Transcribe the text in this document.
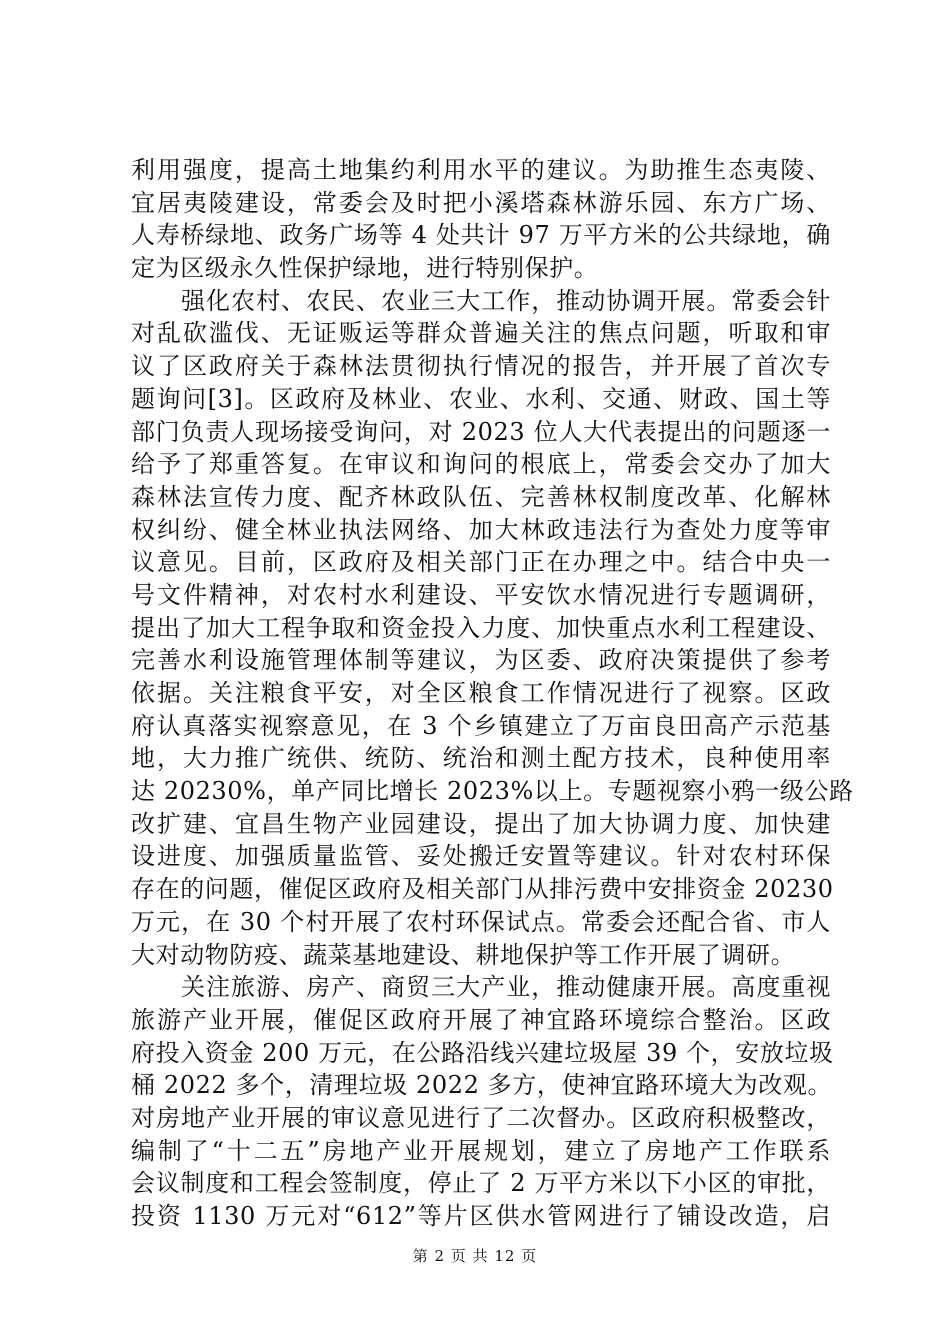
利用强度，提高土地集约利用水平的建议。为助推生态夷陵、
宜居夷陵建设，常委会及时把小溪塔森林游乐园、东方广场、
人寿桥绿地、政务广场等 4 处共计 97 万平方米的公共绿地，确
定为区级永久性保护绿地，进行特别保护。
　　强化农村、农民、农业三大工作，推动协调开展。常委会针
对乱砍滥伐、无证贩运等群众普遍关注的焦点问题，听取和审
议了区政府关于森林法贯彻执行情况的报告，并开展了首次专
题询问[3]。区政府及林业、农业、水利、交通、财政、国土等
部门负责人现场接受询问，对 2023 位人大代表提出的问题逐一
给予了郑重答复。在审议和询问的根底上，常委会交办了加大
森林法宣传力度、配齐林政队伍、完善林权制度改革、化解林
权纠纷、健全林业执法网络、加大林政违法行为查处力度等审
议意见。目前，区政府及相关部门正在办理之中。结合中央一
号文件精神，对农村水利建设、平安饮水情况进行专题调研，
提出了加大工程争取和资金投入力度、加快重点水利工程建设、
完善水利设施管理体制等建议，为区委、政府决策提供了参考
依据。关注粮食平安，对全区粮食工作情况进行了视察。区政
府认真落实视察意见，在 3 个乡镇建立了万亩良田高产示范基
地，大力推广统供、统防、统治和测土配方技术，良种使用率
达 20230%，单产同比增长 2023%以上。专题视察小鸦一级公路
改扩建、宜昌生物产业园建设，提出了加大协调力度、加快建
设进度、加强质量监管、妥处搬迁安置等建议。针对农村环保
存在的问题，催促区政府及相关部门从排污费中安排资金 20230
万元，在 30 个村开展了农村环保试点。常委会还配合省、市人
大对动物防疫、蔬菜基地建设、耕地保护等工作开展了调研。
　　关注旅游、房产、商贸三大产业，推动健康开展。高度重视
旅游产业开展，催促区政府开展了神宜路环境综合整治。区政
府投入资金 200 万元，在公路沿线兴建垃圾屋 39 个，安放垃圾
桶 2022 多个，清理垃圾 2022 多方，使神宜路环境大为改观。
对房地产业开展的审议意见进行了二次督办。区政府积极整改，
编制了“十二五”房地产业开展规划，建立了房地产工作联系
会议制度和工程会签制度，停止了 2 万平方米以下小区的审批，
投资 1130 万元对“612”等片区供水管网进行了铺设改造，启
第 2 页 共 12 页
